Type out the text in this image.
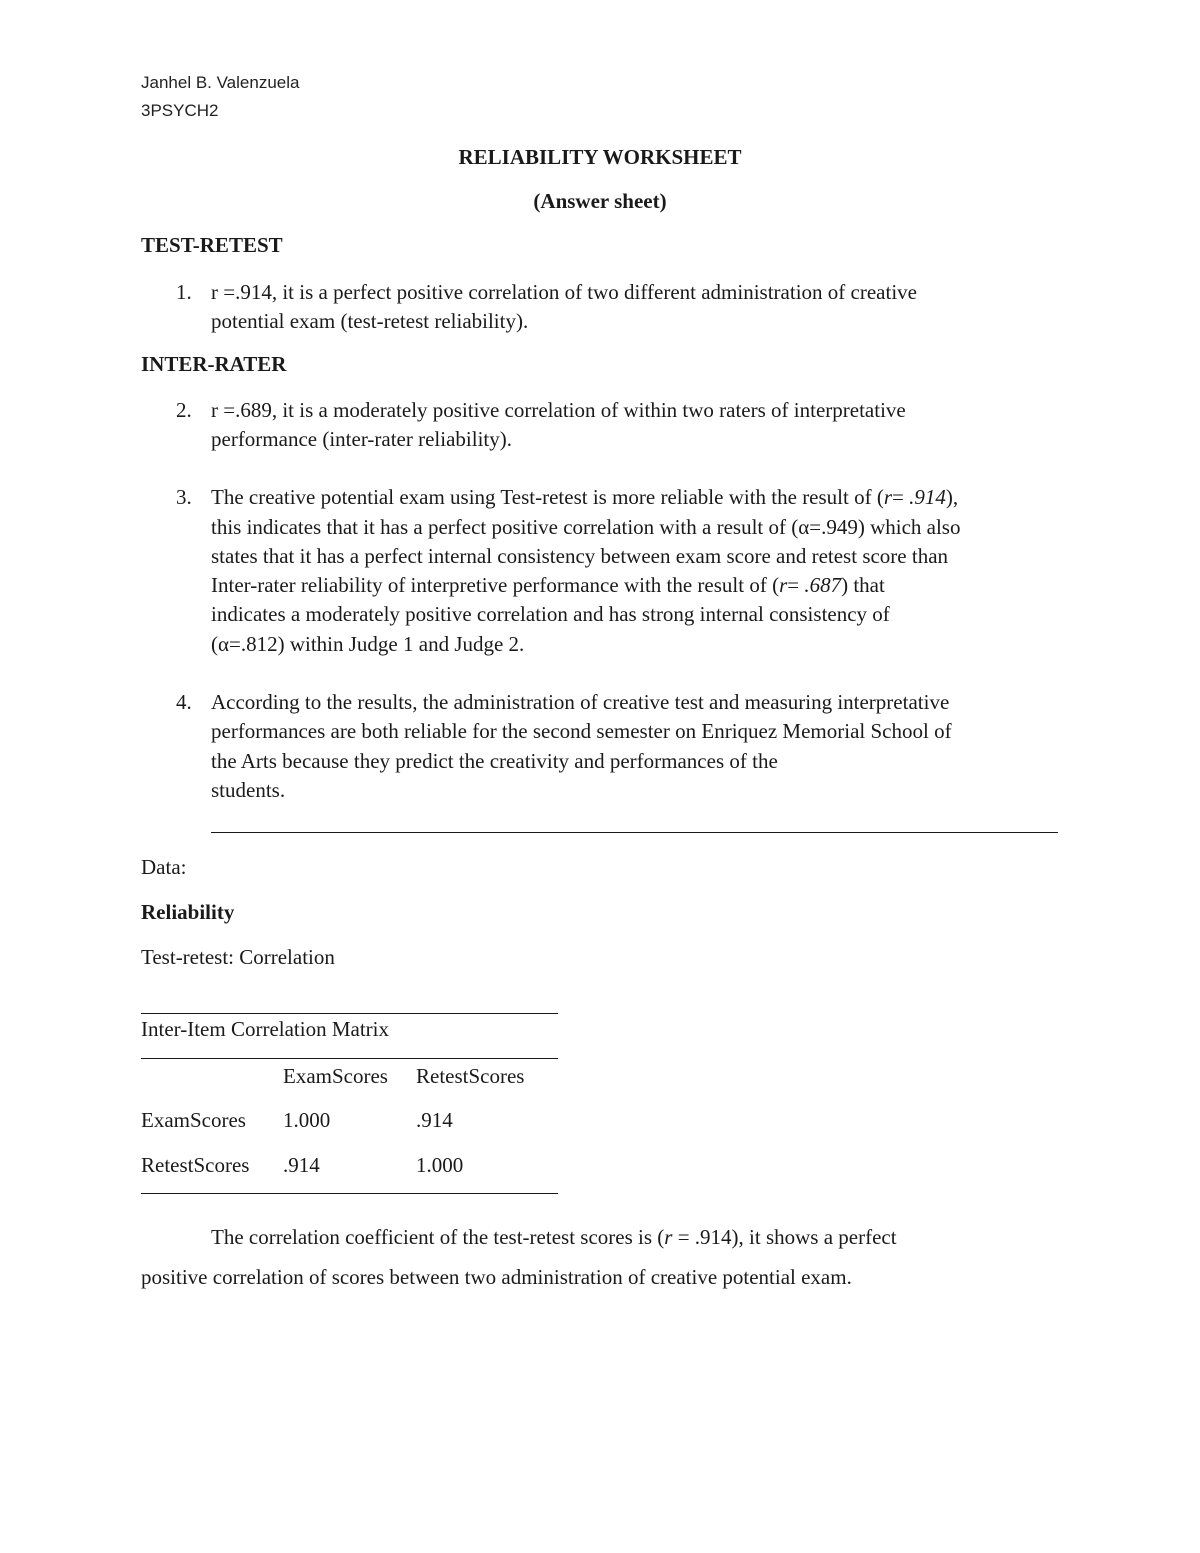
Janhel B. Valenzuela
3PSYCH2
RELIABILITY WORKSHEET
(Answer sheet)
TEST-RETEST
1. r =.914, it is a perfect positive correlation of two different administration of creative
potential exam (test-retest reliability).
INTER-RATER
2. r =.689, it is a moderately positive correlation of within two raters of interpretative
performance (inter-rater reliability).
3. The creative potential exam using Test-retest is more reliable with the result of (r= .914),
this indicates that it has a perfect positive correlation with a result of (α=.949) which also
states that it has a perfect internal consistency between exam score and retest score than
Inter-rater reliability of interpretive performance with the result of (r= .687) that
indicates a moderately positive correlation and has strong internal consistency of
(α=.812) within Judge 1 and Judge 2.
4. According to the results, the administration of creative test and measuring interpretative
performances are both reliable for the second semester on Enriquez Memorial School of
the Arts because they predict the creativity and performances of the
students.
Data:
Reliability
Test-retest: Correlation
Inter-Item Correlation Matrix
ExamScores RetestScores
ExamScores 1.000	.914
RetestScores .914	1.000
The correlation coefficient of the test-retest scores is (r = .914), it shows a perfect
positive correlation of scores between two administration of creative potential exam.
